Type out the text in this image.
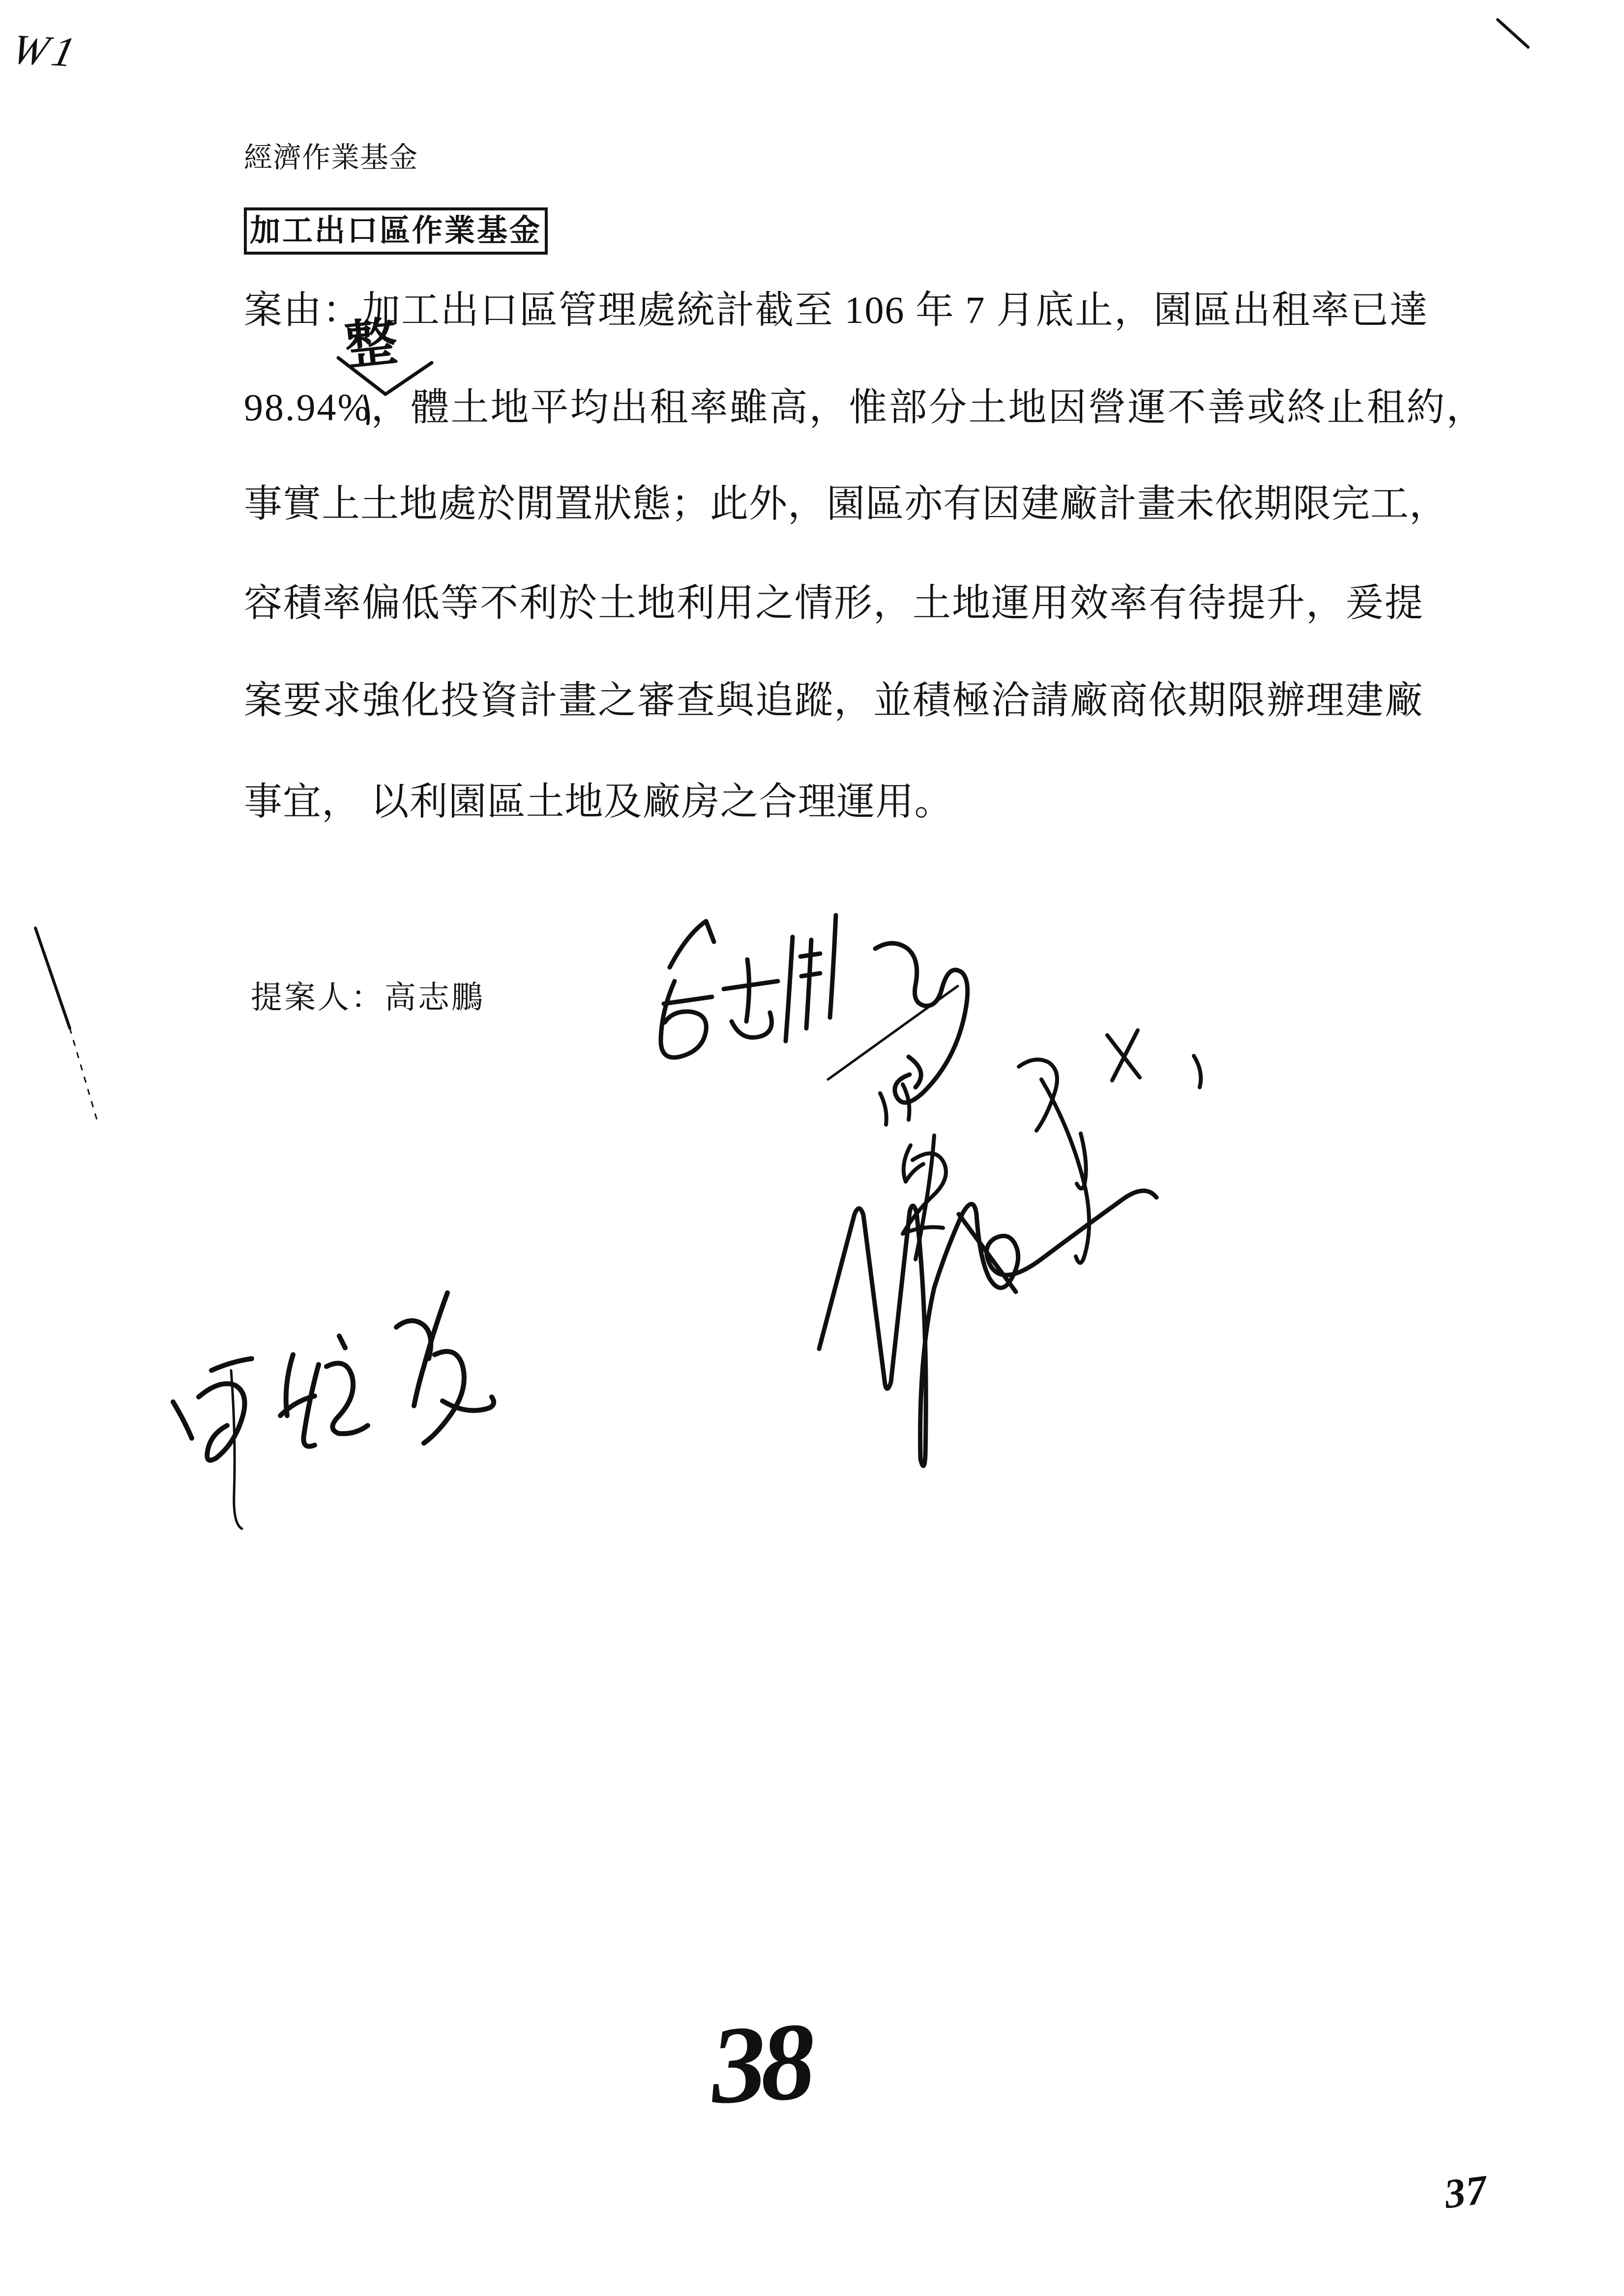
W1
經濟作業基金
加工出口區作業基金
案由：加工出口區管理處統計截至 106 年 7 月底止，園區出租率已達
98.94%，體土地平均出租率雖高，惟部分土地因營運不善或終止租約，
事實上土地處於閒置狀態；此外，園區亦有因建廠計畫未依期限完工，
容積率偏低等不利於土地利用之情形，土地運用效率有待提升，爰提
案要求強化投資計畫之審查與追蹤，並積極洽請廠商依期限辦理建廠
事宜， 以利園區土地及廠房之合理運用。
整
提案人：高志鵬
38
37
